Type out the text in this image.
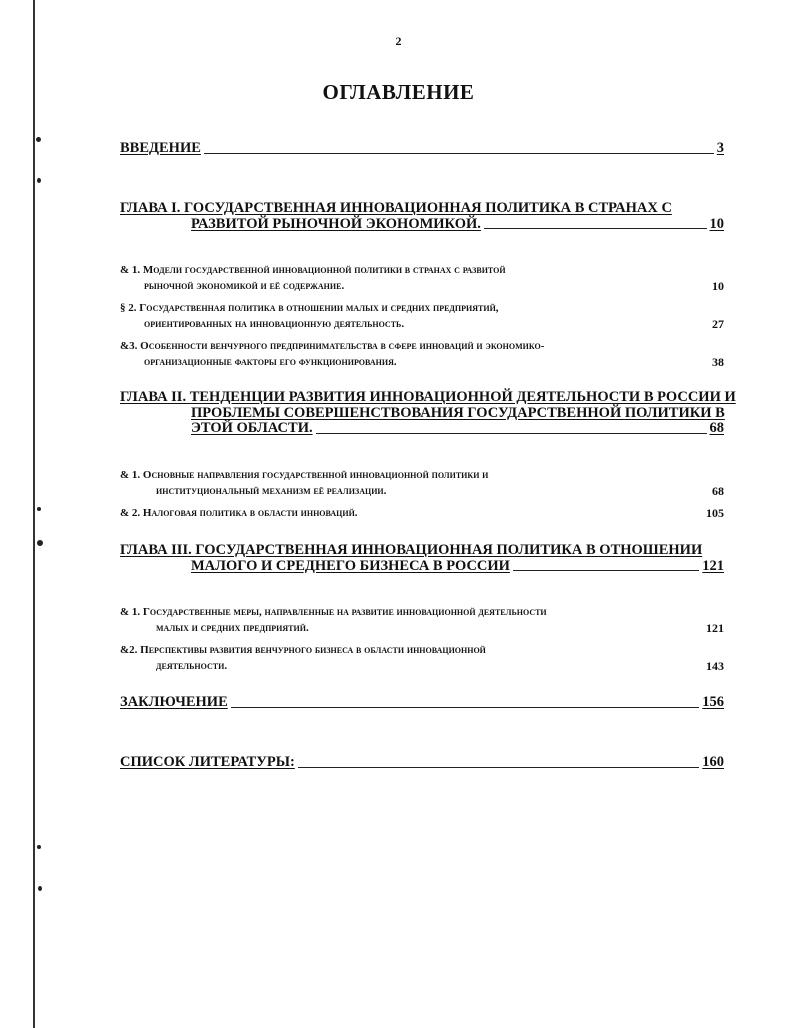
2
ОГЛАВЛЕНИЕ
ВВЕДЕНИЕ	3
ГЛАВА I. ГОСУДАРСТВЕННАЯ ИННОВАЦИОННАЯ ПОЛИТИКА В СТРАНАХ С
РАЗВИТОЙ РЫНОЧНОЙ ЭКОНОМИКОЙ.	10
& 1. Модели государственной инновационной политики в странах с развитой
рыночной экономикой и её содержание.	10
§ 2. Государственная политика в отношении малых и средних предприятий,
ориентированных на инновационную деятельность.	27
&3. Особенности венчурного предпринимательства в сфере инноваций и экономико-
организационные факторы его функционирования.	38
ГЛАВА II. ТЕНДЕНЦИИ РАЗВИТИЯ ИННОВАЦИОННОЙ ДЕЯТЕЛЬНОСТИ В РОССИИ И
ПРОБЛЕМЫ СОВЕРШЕНСТВОВАНИЯ ГОСУДАРСТВЕННОЙ ПОЛИТИКИ В
ЭТОЙ ОБЛАСТИ.	68
& 1. Основные направления государственной инновационной политики и
институциональный механизм её реализации.	68
& 2. Налоговая политика в области инноваций.	105
ГЛАВА III. ГОСУДАРСТВЕННАЯ ИННОВАЦИОННАЯ ПОЛИТИКА В ОТНОШЕНИИ
МАЛОГО И СРЕДНЕГО БИЗНЕСА В РОССИИ	121
& 1. Государственные меры, направленные на развитие инновационной деятельности
малых и средних предприятий.	121
&2. Перспективы развития венчурного бизнеса в области инновационной
деятельности.	143
ЗАКЛЮЧЕНИЕ	156
СПИСОК ЛИТЕРАТУРЫ:	160
